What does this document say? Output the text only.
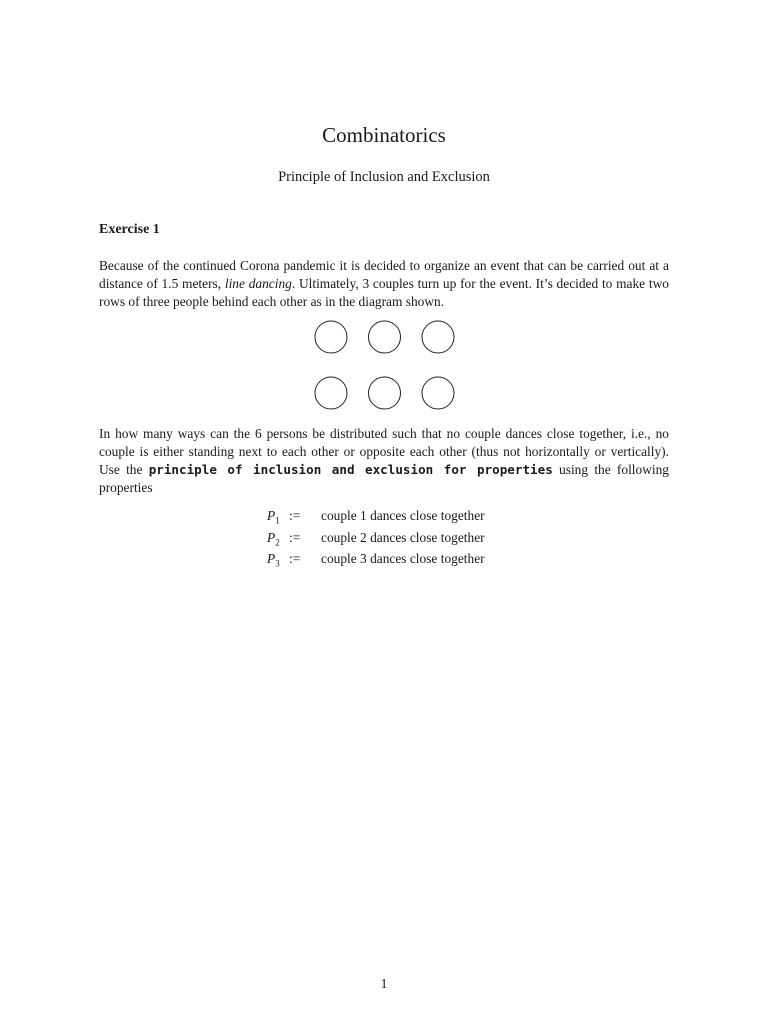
Combinatorics
Principle of Inclusion and Exclusion
Exercise 1
Because of the continued Corona pandemic it is decided to organize an event that can be carried out at a distance of 1.5 meters, line dancing. Ultimately, 3 couples turn up for the event. It’s decided to make two rows of three people behind each other as in the diagram shown.
In how many ways can the 6 persons be distributed such that no couple dances close together, i.e., no couple is either standing next to each other or opposite each other (thus not horizontally or vertically). Use the principle of inclusion and exclusion for properties using the following properties
$P_1$ :=	couple 1 dances close together
$P_2$ :=	couple 2 dances close together
$P_3$ :=	couple 3 dances close together
1
